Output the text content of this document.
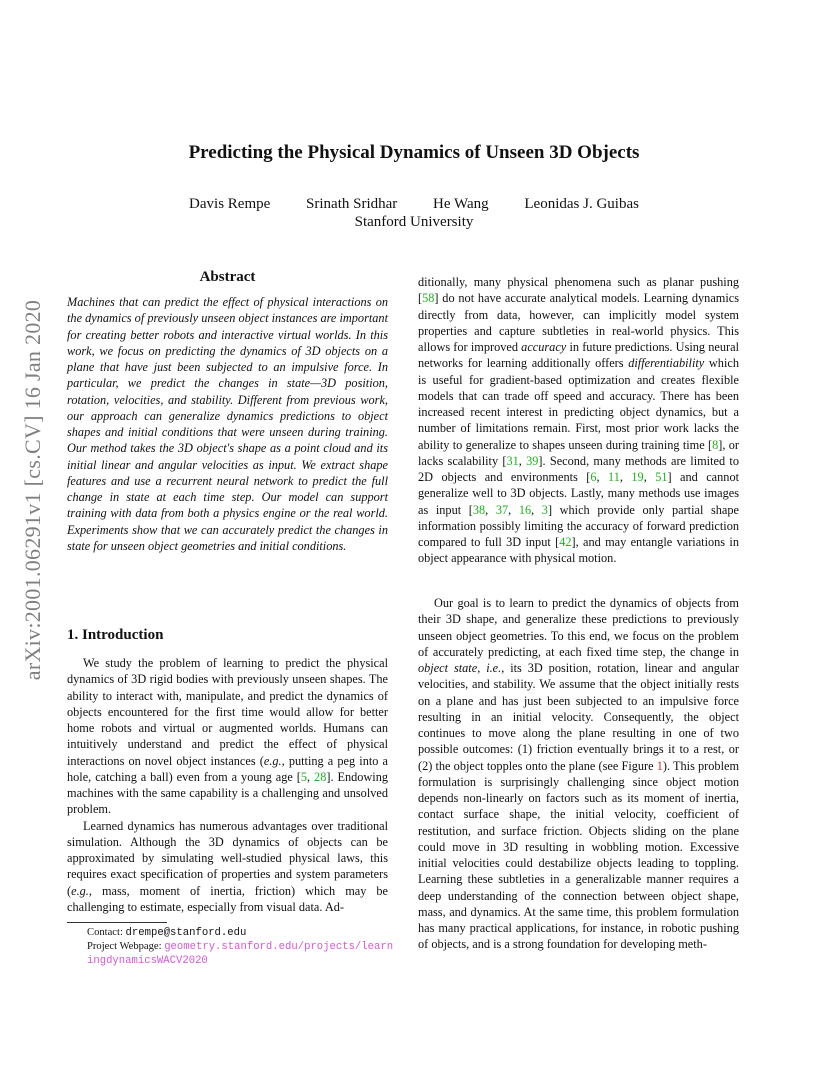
arXiv:2001.06291v1 [cs.CV] 16 Jan 2020
Predicting the Physical Dynamics of Unseen 3D Objects
Davis Rempe Srinath Sridhar He Wang Leonidas J. Guibas
Stanford University
Abstract
Machines that can predict the effect of physical interactions on the dynamics of previously unseen object instances are important for creating better robots and interactive virtual worlds. In this work, we focus on predicting the dynamics of 3D objects on a plane that have just been subjected to an impulsive force. In particular, we predict the changes in state—3D position, rotation, velocities, and stability. Different from previous work, our approach can generalize dynamics predictions to object shapes and initial conditions that were unseen during training. Our method takes the 3D object's shape as a point cloud and its initial linear and angular velocities as input. We extract shape features and use a recurrent neural network to predict the full change in state at each time step. Our model can support training with data from both a physics engine or the real world. Experiments show that we can accurately predict the changes in state for unseen object geometries and initial conditions.
1. Introduction

We study the problem of learning to predict the physical dynamics of 3D rigid bodies with previously unseen shapes. The ability to interact with, manipulate, and predict the dynamics of objects encountered for the first time would allow for better home robots and virtual or augmented worlds. Humans can intuitively understand and predict the effect of physical interactions on novel object instances (e.g., putting a peg into a hole, catching a ball) even from a young age [5, 28]. Endowing machines with the same capability is a challenging and unsolved problem.

Learned dynamics has numerous advantages over traditional simulation. Although the 3D dynamics of objects can be approximated by simulating well-studied physical laws, this requires exact specification of properties and system parameters (e.g., mass, moment of inertia, friction) which may be challenging to estimate, especially from visual data. Ad-

ditionally, many physical phenomena such as planar pushing [58] do not have accurate analytical models. Learning dynamics directly from data, however, can implicitly model system properties and capture subtleties in real-world physics. This allows for improved accuracy in future predictions. Using neural networks for learning additionally offers differentiability which is useful for gradient-based optimization and creates flexible models that can trade off speed and accuracy. There has been increased recent interest in predicting object dynamics, but a number of limitations remain. First, most prior work lacks the ability to generalize to shapes unseen during training time [8], or lacks scalability [31, 39]. Second, many methods are limited to 2D objects and environments [6, 11, 19, 51] and cannot generalize well to 3D objects. Lastly, many methods use images as input [38, 37, 16, 3] which provide only partial shape information possibly limiting the accuracy of forward prediction compared to full 3D input [42], and may entangle variations in object appearance with physical motion.

Our goal is to learn to predict the dynamics of objects from their 3D shape, and generalize these predictions to previously unseen object geometries. To this end, we focus on the problem of accurately predicting, at each fixed time step, the change in object state, i.e., its 3D position, rotation, linear and angular velocities, and stability. We assume that the object initially rests on a plane and has just been subjected to an impulsive force resulting in an initial velocity. Consequently, the object continues to move along the plane resulting in one of two possible outcomes: (1) friction eventually brings it to a rest, or (2) the object topples onto the plane (see Figure 1). This problem formulation is surprisingly challenging since object motion depends non-linearly on factors such as its moment of inertia, contact surface shape, the initial velocity, coefficient of restitution, and surface friction. Objects sliding on the plane could move in 3D resulting in wobbling motion. Excessive initial velocities could destabilize objects leading to toppling. Learning these subtleties in a generalizable manner requires a deep understanding of the connection between object shape, mass, and dynamics. At the same time, this problem formulation has many practical applications, for instance, in robotic pushing of objects, and is a strong foundation for developing meth-

Contact: drempe@stanford.edu
Project Webpage: geometry.stanford.edu/projects/learningdynamicsWACV2020
